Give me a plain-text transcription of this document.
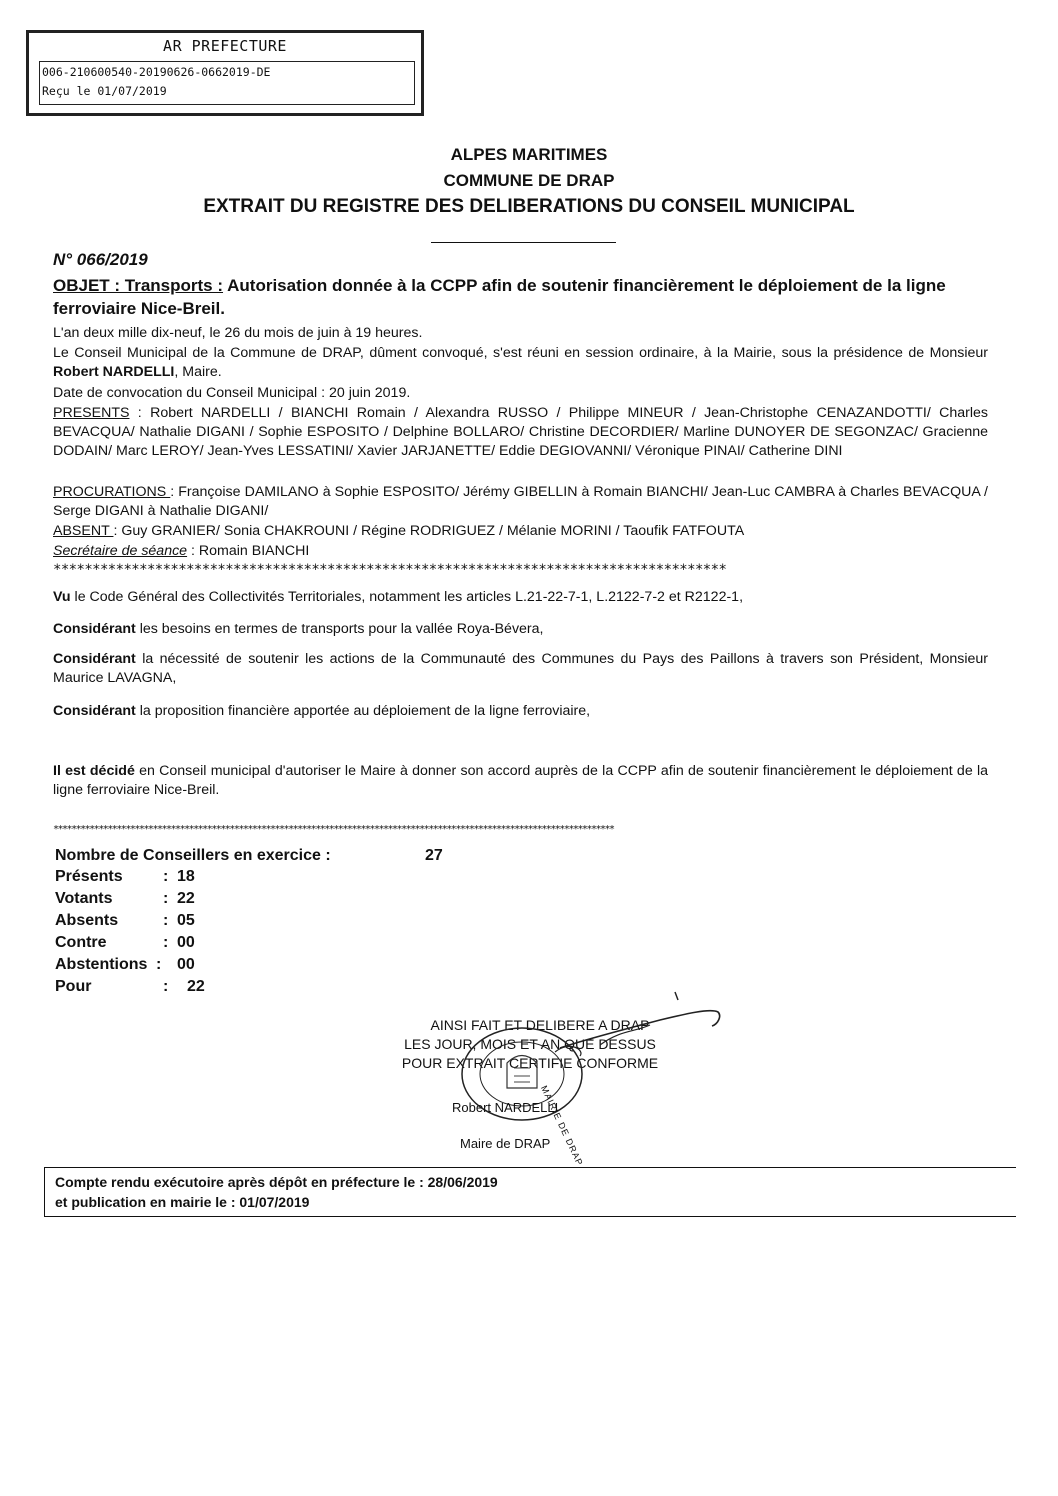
AR PREFECTURE
006-210600540-20190626-0662019-DE
Reçu le 01/07/2019
ALPES MARITIMES
COMMUNE DE DRAP
EXTRAIT DU REGISTRE DES DELIBERATIONS DU CONSEIL MUNICIPAL
N° 066/2019
OBJET : Transports : Autorisation donnée à la CCPP afin de soutenir financièrement le déploiement de la ligne ferroviaire Nice-Breil.
L'an deux mille dix-neuf, le 26 du mois de juin à 19 heures.
Le Conseil Municipal de la Commune de DRAP, dûment convoqué, s'est réuni en session ordinaire, à la Mairie, sous la présidence de Monsieur Robert NARDELLI, Maire.
Date de convocation du Conseil Municipal : 20 juin 2019.
PRESENTS : Robert NARDELLI / BIANCHI Romain / Alexandra RUSSO / Philippe MINEUR / Jean-Christophe CENAZANDOTTI/ Charles BEVACQUA/ Nathalie DIGANI / Sophie ESPOSITO / Delphine BOLLARO/ Christine DECORDIER/ Marline DUNOYER DE SEGONZAC/ Gracienne DODAIN/ Marc LEROY/ Jean-Yves LESSATINI/ Xavier JARJANETTE/ Eddie DEGIOVANNI/ Véronique PINAI/ Catherine DINI
PROCURATIONS : Françoise DAMILANO à Sophie ESPOSITO/ Jérémy GIBELLIN à Romain BIANCHI/ Jean-Luc CAMBRA à Charles BEVACQUA / Serge DIGANI à Nathalie DIGANI/
ABSENT : Guy GRANIER/ Sonia CHAKROUNI / Régine RODRIGUEZ / Mélanie MORINI / Taoufik FATFOUTA
Secrétaire de séance : Romain BIANCHI
**************************************************************************************
Vu le Code Général des Collectivités Territoriales, notamment les articles L.21-22-7-1, L.2122-7-2 et R2122-1,
Considérant les besoins en termes de transports pour la vallée Roya-Bévera,
Considérant la nécessité de soutenir les actions de la Communauté des Communes du Pays des Paillons à travers son Président, Monsieur Maurice LAVAGNA,
Considérant la proposition financière apportée au déploiement de la ligne ferroviaire,
Il est décidé en Conseil municipal d'autoriser le Maire à donner son accord auprès de la CCPP afin de soutenir financièrement le déploiement de la ligne ferroviaire Nice-Breil.
****************************************************************************************************************************
Nombre de Conseillers en exercice :	27
Présents	: 18
Votants	: 22
Absents	: 05
Contre	: 00
Abstentions : 00
Pour	: 22
AINSI FAIT ET DELIBERE A DRAP
LES JOUR, MOIS ET AN QUE DESSUS
POUR EXTRAIT CERTIFIE CONFORME
MAIRIE DE DRAP
Robert NARDELLI
Maire de DRAP
Compte rendu exécutoire après dépôt en préfecture le : 28/06/2019
et publication en mairie le : 01/07/2019
